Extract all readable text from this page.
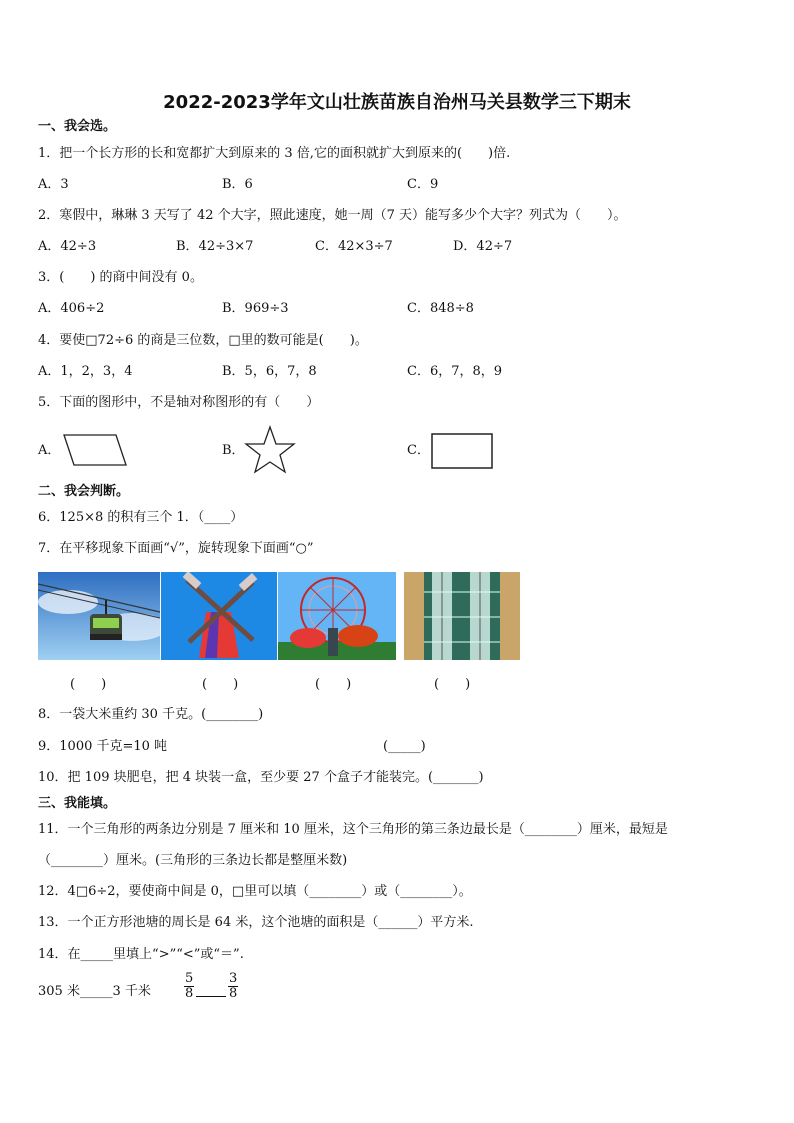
2022-2023学年文山壮族苗族自治州马关县数学三下期末
一、我会选。
1．把一个长方形的长和宽都扩大到原来的 3 倍,它的面积就扩大到原来的(　　)倍.
A．3	B．6	C．9
2．寒假中，琳琳 3 天写了 42 个大字，照此速度，她一周（7 天）能写多少个大字？列式为（　　）。
A．42÷3	B．42÷3×7	C．42×3÷7	D．42÷7
3．(　　) 的商中间没有 0。
A．406÷2	B．969÷3	C．848÷8
4．要使□72÷6 的商是三位数，□里的数可能是(　　)。
A．1，2，3，4	B．5，6，7，8	C．6，7，8，9
5．下面的图形中，不是轴对称图形的有（　　）
A．	B．	C．
二、我会判断。
6．125×8 的积有三个 1．（____）
7．在平移现象下面画“√”，旋转现象下面画“○”
(　　)	(　　)	(　　)	(　　)
8．一袋大米重约 30 千克。(________)
9．1000 千克=10 吨	(_____)
10．把 109 块肥皂，把 4 块装一盒，至少要 27 个盒子才能装完。(_______)
三、我能填。
11．一个三角形的两条边分别是 7 厘米和 10 厘米，这个三角形的第三条边最长是（________）厘米，最短是
（________）厘米。(三角形的三条边长都是整厘米数)
12．4□6÷2，要使商中间是 0，□里可以填（________）或（________）。
13．一个正方形池塘的周长是 64 米，这个池塘的面积是（______）平方米.
14．在_____里填上“>”“<”或“＝”.
305 米_____3 千米	$\frac{5}{8}$	$\frac{3}{8}$
